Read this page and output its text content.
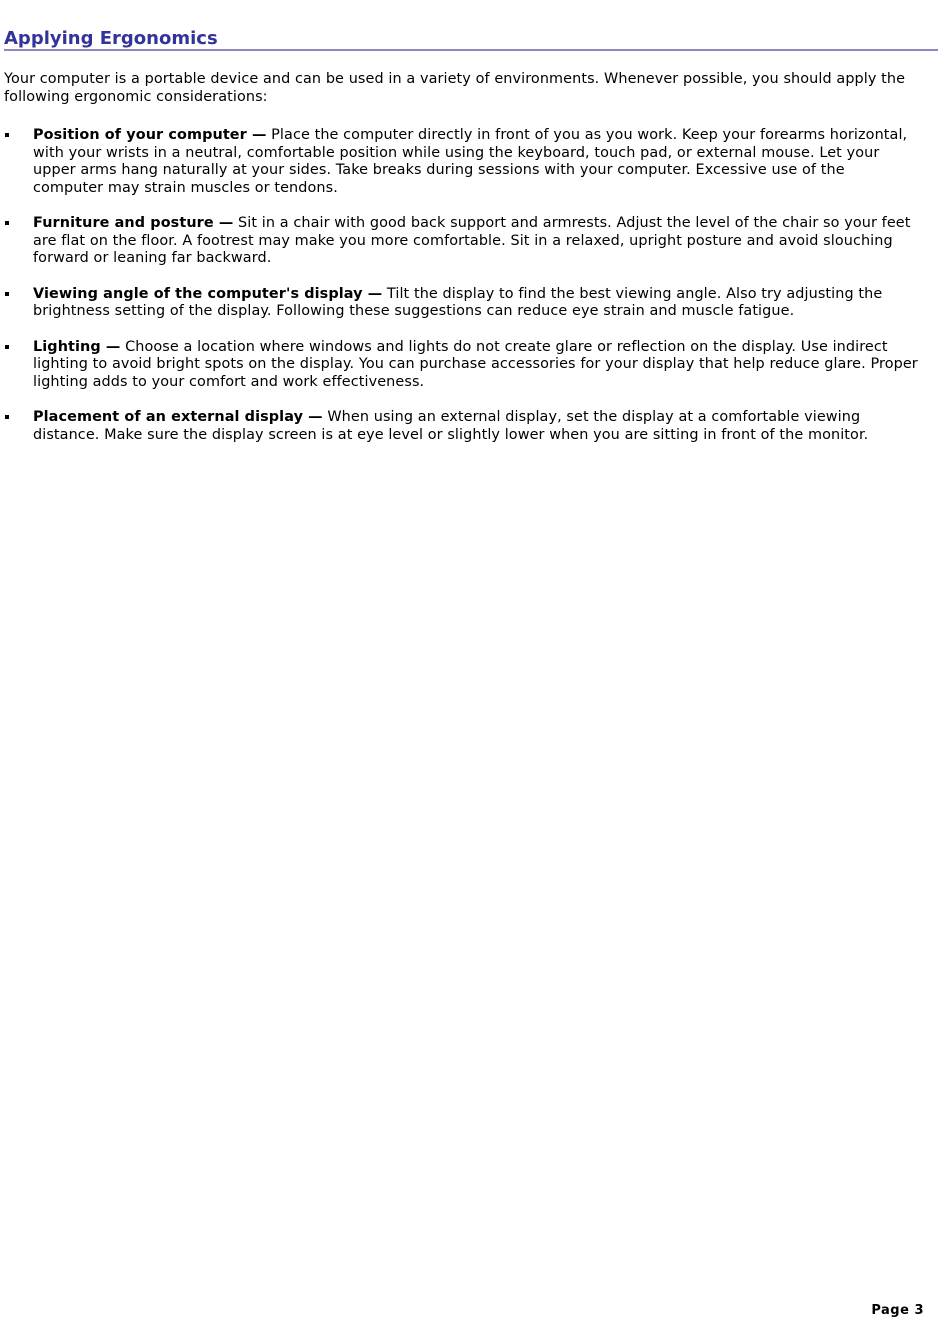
Applying Ergonomics

Your computer is a portable device and can be used in a variety of environments. Whenever possible, you should apply the following ergonomic considerations:

Position of your computer — Place the computer directly in front of you as you work. Keep your forearms horizontal, with your wrists in a neutral, comfortable position while using the keyboard, touch pad, or external mouse. Let your upper arms hang naturally at your sides. Take breaks during sessions with your computer. Excessive use of the computer may strain muscles or tendons.
Furniture and posture — Sit in a chair with good back support and armrests. Adjust the level of the chair so your feet are flat on the floor. A footrest may make you more comfortable. Sit in a relaxed, upright posture and avoid slouching forward or leaning far backward.
Viewing angle of the computer's display — Tilt the display to find the best viewing angle. Also try adjusting the brightness setting of the display. Following these suggestions can reduce eye strain and muscle fatigue.
Lighting — Choose a location where windows and lights do not create glare or reflection on the display. Use indirect lighting to avoid bright spots on the display. You can purchase accessories for your display that help reduce glare. Proper lighting adds to your comfort and work effectiveness.
Placement of an external display — When using an external display, set the display at a comfortable viewing distance. Make sure the display screen is at eye level or slightly lower when you are sitting in front of the monitor.
Page 3
